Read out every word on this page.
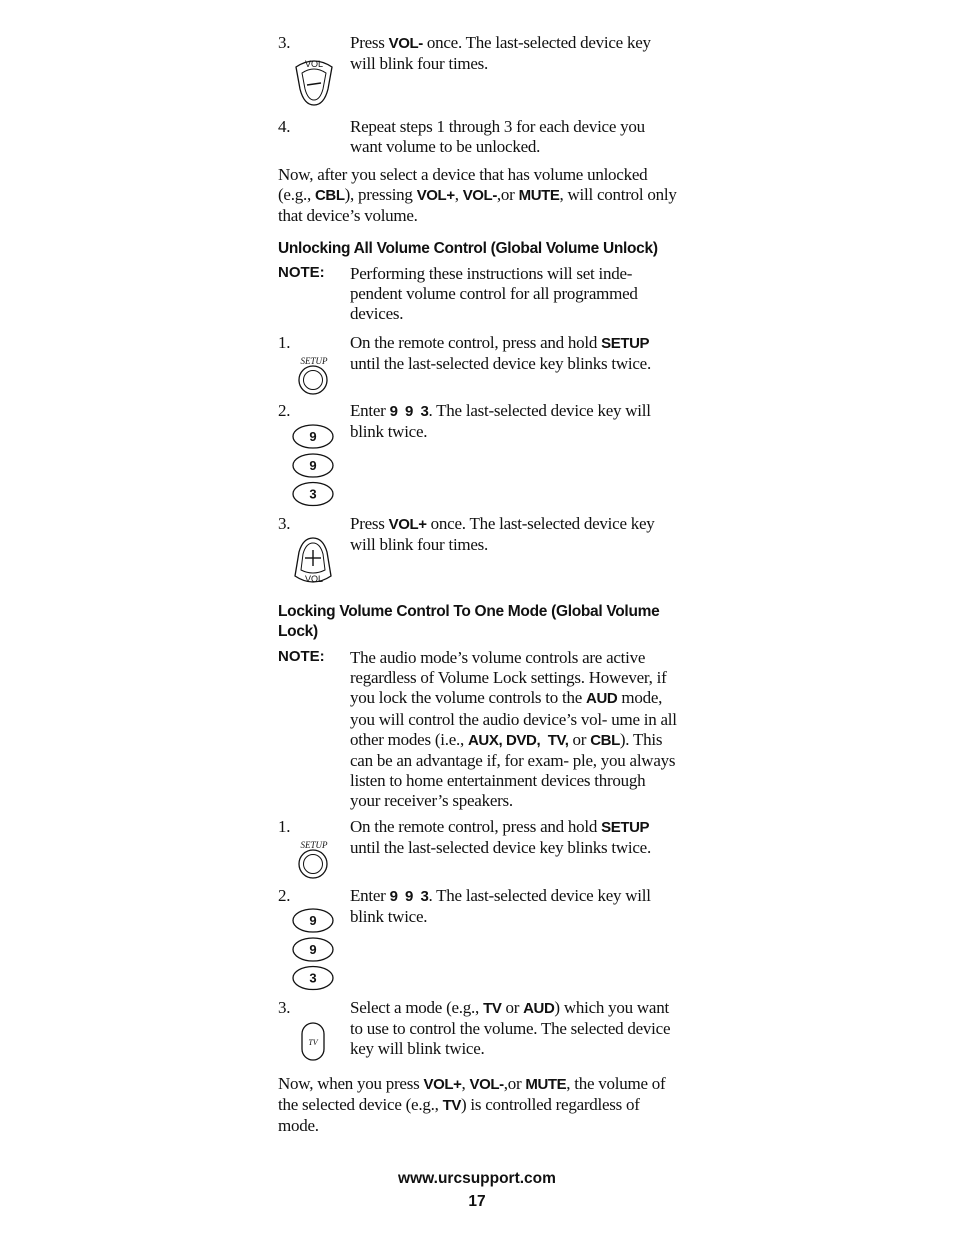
3.	Press VOL- once. The last-selected device key will blink four times.
VOL
4.	Repeat steps 1 through 3 for each device you want volume to be unlocked.
Now, after you select a device that has volume unlocked (e.g., CBL), pressing VOL+, VOL-,or MUTE, will control only that device’s volume.
Unlocking All Volume Control (Global Volume Unlock)
NOTE: Performing these instructions will set inde- pendent volume control for all programmed devices.
1.	On the remote control, press and hold SETUP until the last-selected device key blinks twice.
SETUP
2.	Enter 9  9  3. The last-selected device key will blink twice.
9
9
3
3.	Press VOL+ once. The last-selected device key will blink four times.
VOL
Locking Volume Control To One Mode (Global Volume Lock)
NOTE: The audio mode’s volume controls are active regardless of Volume Lock settings. However, if you lock the volume controls to the AUD mode, you will control the audio device’s vol- ume in all other modes (i.e., AUX, DVD,  TV, or CBL). This can be an advantage if, for exam- ple, you always listen to home entertainment devices through your receiver’s speakers.
1.	On the remote control, press and hold SETUP until the last-selected device key blinks twice.
SETUP
2.	Enter 9  9  3. The last-selected device key will blink twice.
9
9
3
3.	Select a mode (e.g., TV or AUD) which you want to use to control the volume. The selected device key will blink twice.
TV
Now, when you press VOL+, VOL-,or MUTE, the volume of the selected device (e.g., TV) is controlled regardless of mode.
www.urcsupport.com
17
